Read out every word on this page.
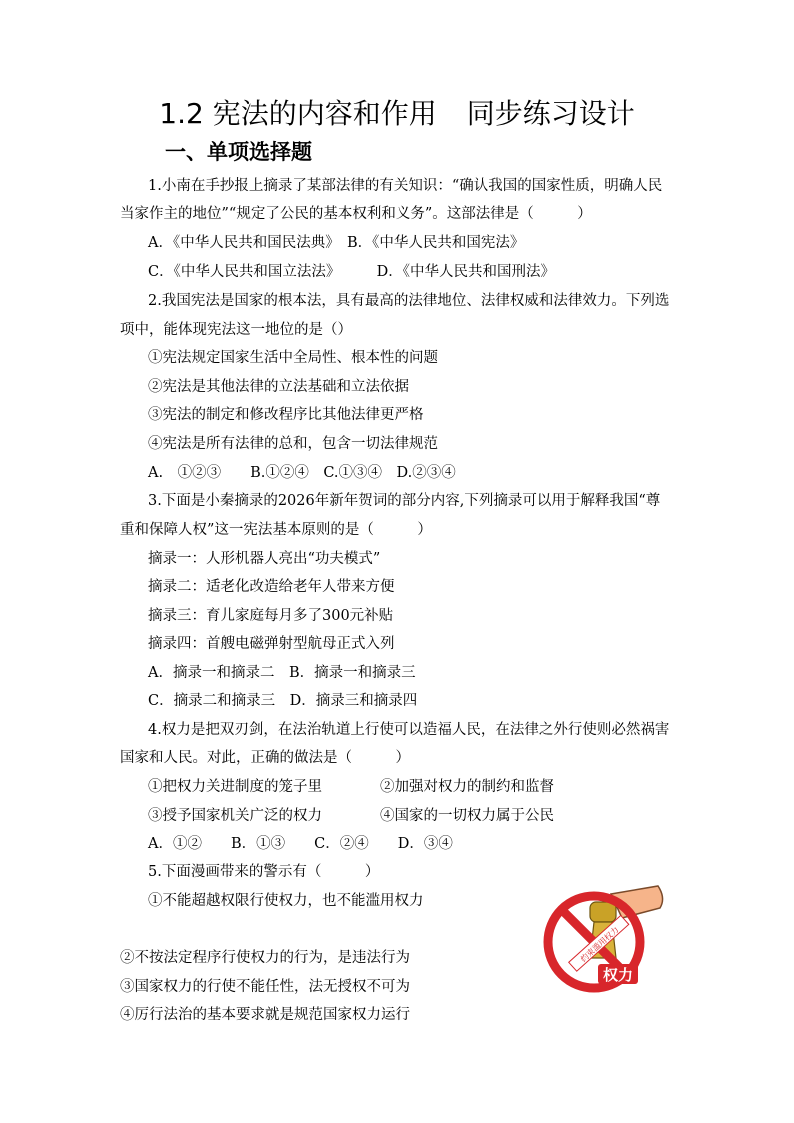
1.2 宪法的内容和作用 同步练习设计
一、单项选择题
1.小南在手抄报上摘录了某部法律的有关知识：“确认我国的国家性质，明确人民
当家作主的地位”“规定了公民的基本权利和义务”。这部法律是（　　　）
A．《中华人民共和国民法典》　B．《中华人民共和国宪法》
C．《中华人民共和国立法法》　　　D．《中华人民共和国刑法》
2.我国宪法是国家的根本法，具有最高的法律地位、法律权威和法律效力。下列选
项中，能体现宪法这一地位的是（）
①宪法规定国家生活中全局性、根本性的问题
②宪法是其他法律的立法基础和立法依据
③宪法的制定和修改程序比其他法律更严格
④宪法是所有法律的总和，包含一切法律规范
A.　①②③　　B.①②④　C.①③④　D.②③④
3.下面是小秦摘录的2026年新年贺词的部分内容,下列摘录可以用于解释我国“尊
重和保障人权”这一宪法基本原则的是（　　　）
摘录一：人形机器人亮出“功夫模式”
摘录二：适老化改造给老年人带来方便
摘录三：育儿家庭每月多了300元补贴
摘录四：首艘电磁弹射型航母正式入列
A．摘录一和摘录二　B．摘录一和摘录三
C．摘录二和摘录三　D．摘录三和摘录四
4.权力是把双刃剑，在法治轨道上行使可以造福人民，在法律之外行使则必然祸害
国家和人民。对此，正确的做法是（　　　）
①把权力关进制度的笼子里　　　　②加强对权力的制约和监督
③授予国家机关广泛的权力　　　　④国家的一切权力属于公民
A．①②　　B．①③　　C．②④　　D．③④
5.下面漫画带来的警示有（　　　）
①不能超越权限行使权力，也不能滥用权力
②不按法定程序行使权力的行为，是违法行为
③国家权力的行使不能任性，法无授权不可为
④厉行法治的基本要求就是规范国家权力运行
约束滥用权力
权力
